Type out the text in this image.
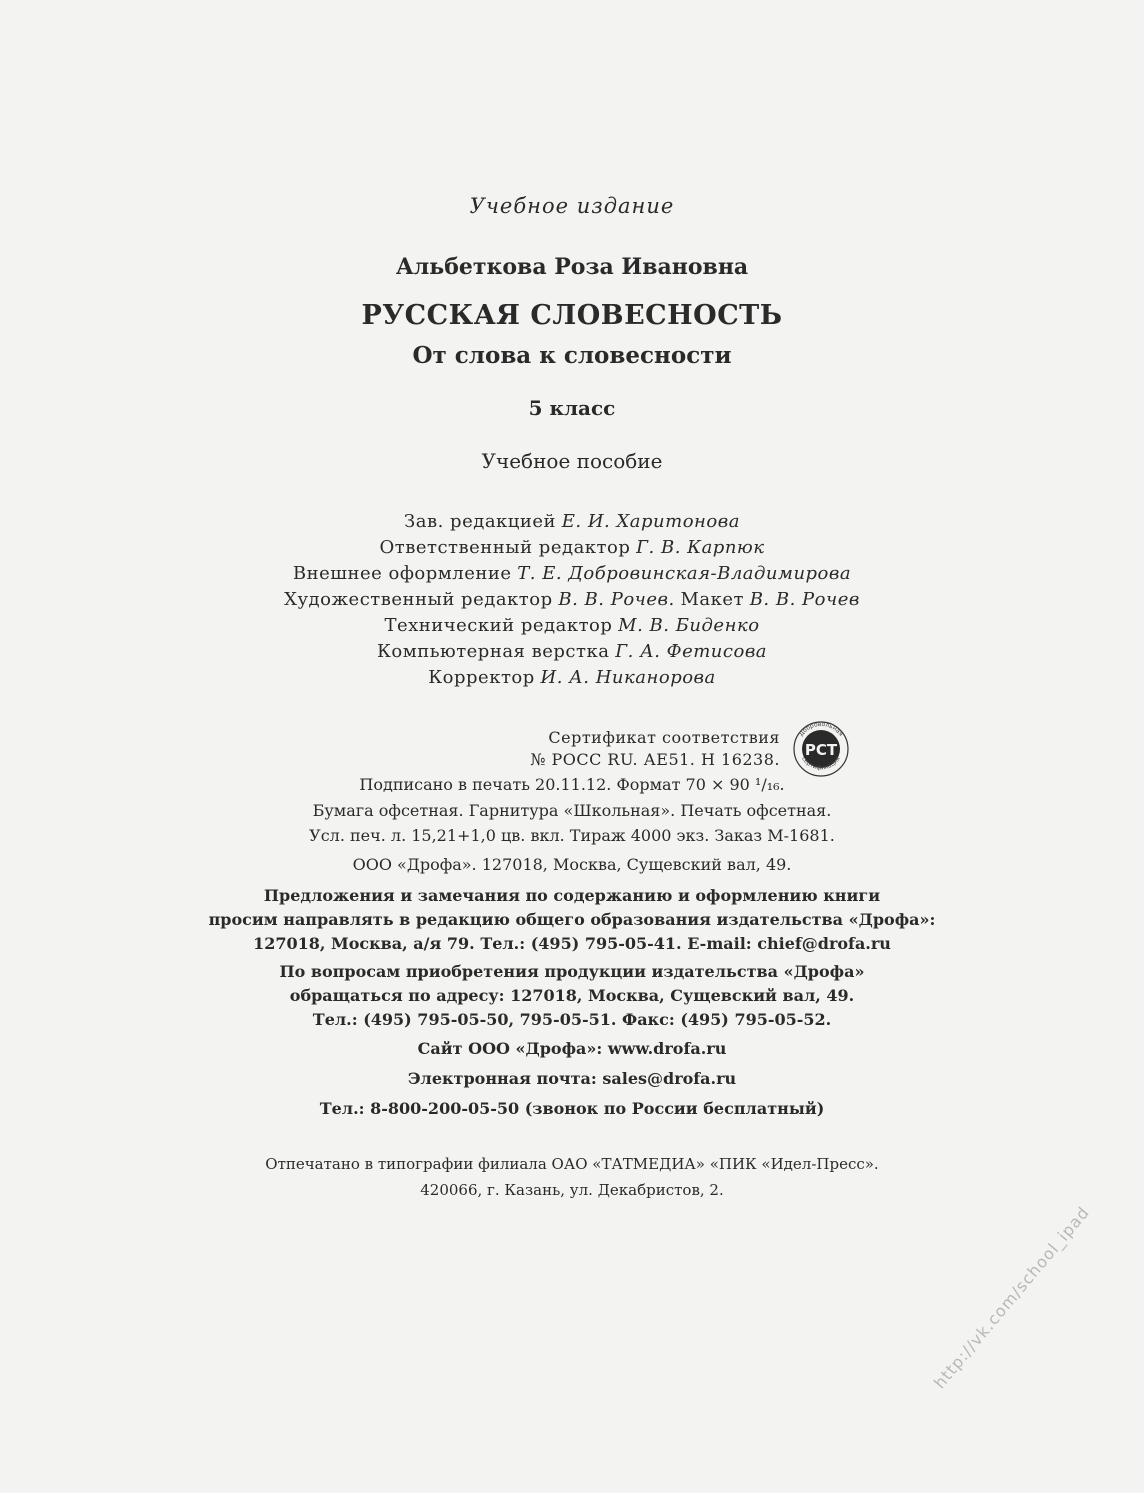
Учебное издание
Альбеткова Роза Ивановна
РУССКАЯ СЛОВЕСНОСТЬ
От слова к словесности
5 класс
Учебное пособие
Зав. редакцией Е. И. Харитонова
Ответственный редактор Г. В. Карпюк
Внешнее оформление Т. Е. Добровинская-Владимирова
Художественный редактор В. В. Рочев. Макет В. В. Рочев
Технический редактор М. В. Биденко
Компьютерная верстка Г. А. Фетисова
Корректор И. А. Никанорова
Сертификат соответствия
№ РОСС RU. АЕ51. Н 16238.
Добровольная
сертификация
РСТ
Подписано в печать 20.11.12. Формат 70 × 90 ¹/₁₆.
Бумага офсетная. Гарнитура «Школьная». Печать офсетная.
Усл. печ. л. 15,21+1,0 цв. вкл. Тираж 4000 экз. Заказ М-1681.
ООО «Дрофа». 127018, Москва, Сущевский вал, 49.
Предложения и замечания по содержанию и оформлению книги
просим направлять в редакцию общего образования издательства «Дрофа»:
127018, Москва, а/я 79. Тел.: (495) 795-05-41. E-mail: chief@drofa.ru
По вопросам приобретения продукции издательства «Дрофа»
обращаться по адресу: 127018, Москва, Сущевский вал, 49.
Тел.: (495) 795-05-50, 795-05-51. Факс: (495) 795-05-52.
Сайт ООО «Дрофа»: www.drofa.ru
Электронная почта: sales@drofa.ru
Тел.: 8-800-200-05-50 (звонок по России бесплатный)
Отпечатано в типографии филиала ОАО «ТАТМЕДИА» «ПИК «Идел-Пресс».
420066, г. Казань, ул. Декабристов, 2.
http://vk.com/school_ipad
